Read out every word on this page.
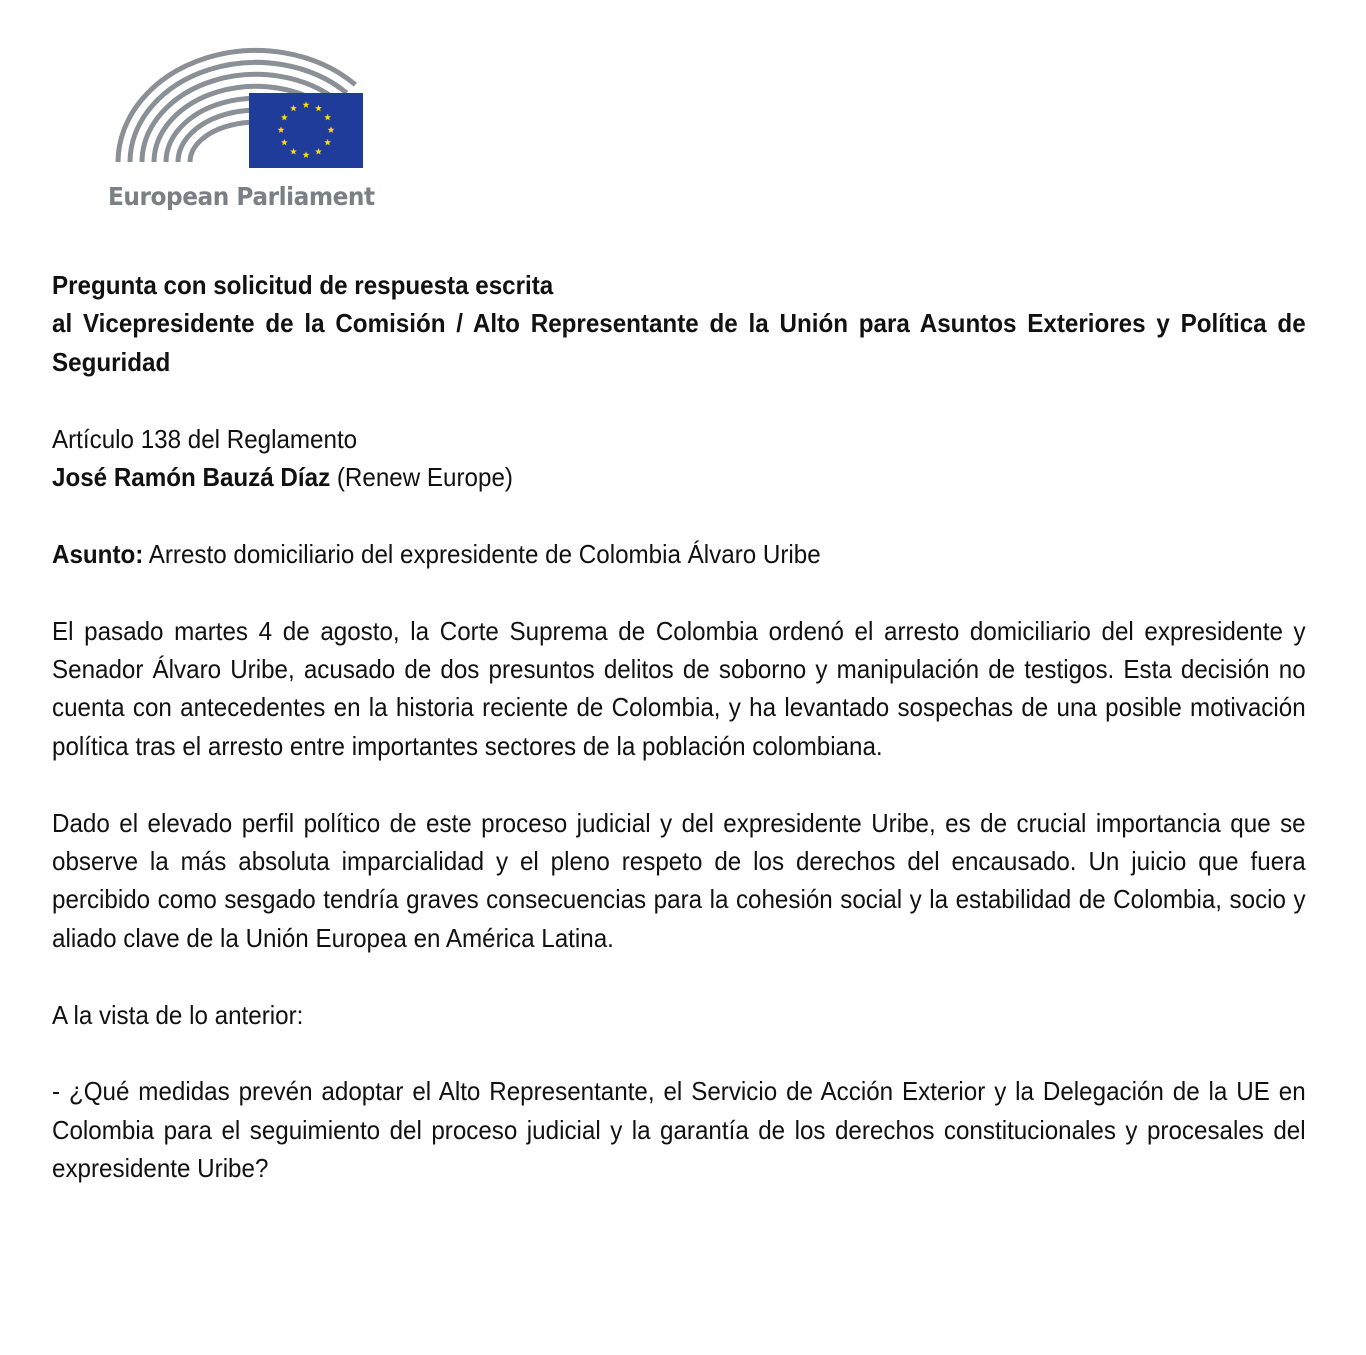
European Parliament

Pregunta con solicitud de respuesta escrita

al Vicepresidente de la Comisión / Alto Representante de la Unión para Asuntos Exteriores y Política de Seguridad

Artículo 138 del Reglamento

José Ramón Bauzá Díaz (Renew Europe)

Asunto: Arresto domiciliario del expresidente de Colombia Álvaro Uribe

El pasado martes 4 de agosto, la Corte Suprema de Colombia ordenó el arresto domiciliario del expresidente y Senador Álvaro Uribe, acusado de dos presuntos delitos de soborno y manipulación de testigos. Esta decisión no cuenta con antecedentes en la historia reciente de Colombia, y ha levantado sospechas de una posible motivación política tras el arresto entre importantes sectores de la población colombiana.

Dado el elevado perfil político de este proceso judicial y del expresidente Uribe, es de crucial importancia que se observe la más absoluta imparcialidad y el pleno respeto de los derechos del encausado. Un juicio que fuera percibido como sesgado tendría graves consecuencias para la cohesión social y la estabilidad de Colombia, socio y aliado clave de la Unión Europea en América Latina.

A la vista de lo anterior:

- ¿Qué medidas prevén adoptar el Alto Representante, el Servicio de Acción Exterior y la Delegación de la UE en Colombia para el seguimiento del proceso judicial y la garantía de los derechos constitucionales y procesales del expresidente Uribe?
